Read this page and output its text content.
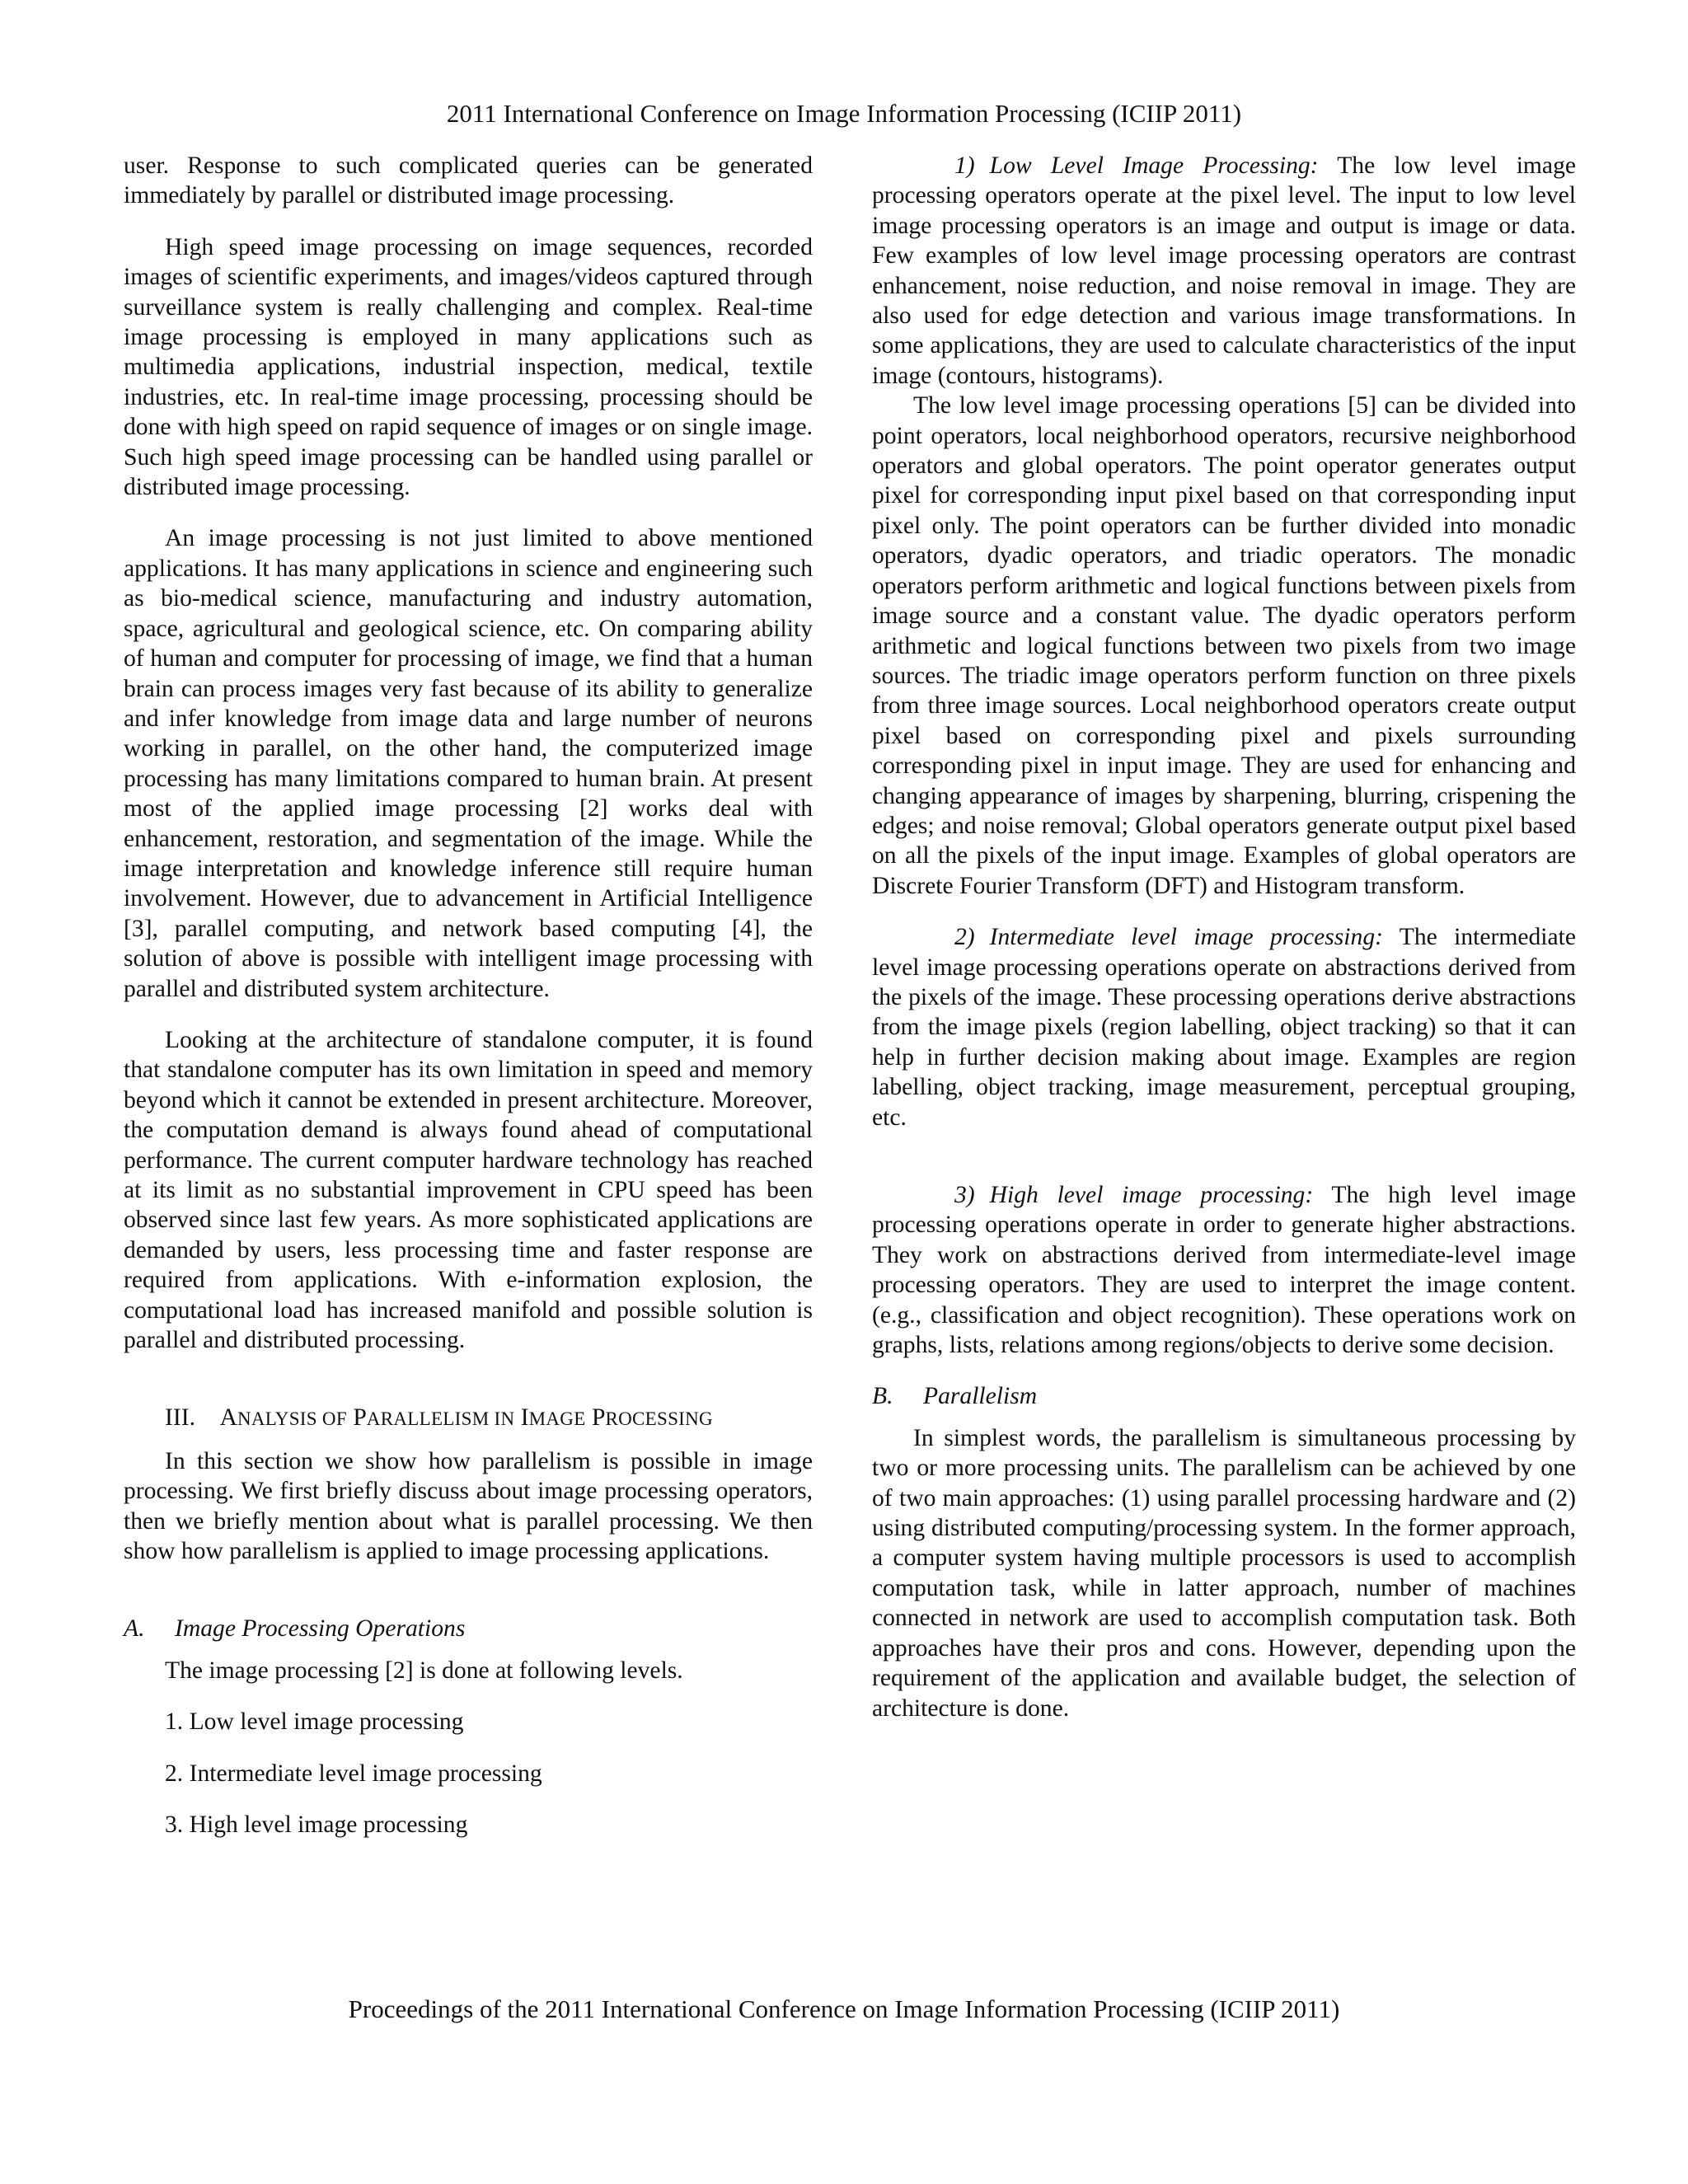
2011 International Conference on Image Information Processing (ICIIP 2011)

user. Response to such complicated queries can be generated immediately by parallel or distributed image processing.

High speed image processing on image sequences, recorded images of scientific experiments, and images/videos captured through surveillance system is really challenging and complex. Real-time image processing is employed in many applications such as multimedia applications, industrial inspection, medical, textile industries, etc. In real-time image processing, processing should be done with high speed on rapid sequence of images or on single image. Such high speed image processing can be handled using parallel or distributed image processing.

An image processing is not just limited to above mentioned applications. It has many applications in science and engineering such as bio-medical science, manufacturing and industry automation, space, agricultural and geological science, etc. On comparing ability of human and computer for processing of image, we find that a human brain can process images very fast because of its ability to generalize and infer knowledge from image data and large number of neurons working in parallel, on the other hand, the computerized image processing has many limitations compared to human brain. At present most of the applied image processing [2] works deal with enhancement, restoration, and segmentation of the image. While the image interpretation and knowledge inference still require human involvement. However, due to advancement in Artificial Intelligence [3], parallel computing, and network based computing [4], the solution of above is possible with intelligent image processing with parallel and distributed system architecture.

Looking at the architecture of standalone computer, it is found that standalone computer has its own limitation in speed and memory beyond which it cannot be extended in present architecture. Moreover, the computation demand is always found ahead of computational performance. The current computer hardware technology has reached at its limit as no substantial improvement in CPU speed has been observed since last few years. As more sophisticated applications are demanded by users, less processing time and faster response are required from applications. With e-information explosion, the computational load has increased manifold and possible solution is parallel and distributed processing.

III. ANALYSIS OF PARALLELISM IN IMAGE PROCESSING

In this section we show how parallelism is possible in image processing. We first briefly discuss about image processing operators, then we briefly mention about what is parallel processing. We then show how parallelism is applied to image processing applications.

A. Image Processing Operations

The image processing [2] is done at following levels.

1. Low level image processing

2. Intermediate level image processing

3. High level image processing

1) Low Level Image Processing: The low level image processing operators operate at the pixel level. The input to low level image processing operators is an image and output is image or data. Few examples of low level image processing operators are contrast enhancement, noise reduction, and noise removal in image. They are also used for edge detection and various image transformations. In some applications, they are used to calculate characteristics of the input image (contours, histograms).

The low level image processing operations [5] can be divided into point operators, local neighborhood operators, recursive neighborhood operators and global operators. The point operator generates output pixel for corresponding input pixel based on that corresponding input pixel only. The point operators can be further divided into monadic operators, dyadic operators, and triadic operators. The monadic operators perform arithmetic and logical functions between pixels from image source and a constant value. The dyadic operators perform arithmetic and logical functions between two pixels from two image sources. The triadic image operators perform function on three pixels from three image sources. Local neighborhood operators create output pixel based on corresponding pixel and pixels surrounding corresponding pixel in input image. They are used for enhancing and changing appearance of images by sharpening, blurring, crispening the edges; and noise removal; Global operators generate output pixel based on all the pixels of the input image. Examples of global operators are Discrete Fourier Transform (DFT) and Histogram transform.

2) Intermediate level image processing: The intermediate level image processing operations operate on abstractions derived from the pixels of the image. These processing operations derive abstractions from the image pixels (region labelling, object tracking) so that it can help in further decision making about image. Examples are region labelling, object tracking, image measurement, perceptual grouping, etc.

3) High level image processing: The high level image processing operations operate in order to generate higher abstractions. They work on abstractions derived from intermediate-level image processing operators. They are used to interpret the image content. (e.g., classification and object recognition). These operations work on graphs, lists, relations among regions/objects to derive some decision.

B. Parallelism

In simplest words, the parallelism is simultaneous processing by two or more processing units. The parallelism can be achieved by one of two main approaches: (1) using parallel processing hardware and (2) using distributed computing/processing system. In the former approach, a computer system having multiple processors is used to accomplish computation task, while in latter approach, number of machines connected in network are used to accomplish computation task. Both approaches have their pros and cons. However, depending upon the requirement of the application and available budget, the selection of architecture is done.

Proceedings of the 2011 International Conference on Image Information Processing (ICIIP 2011)
